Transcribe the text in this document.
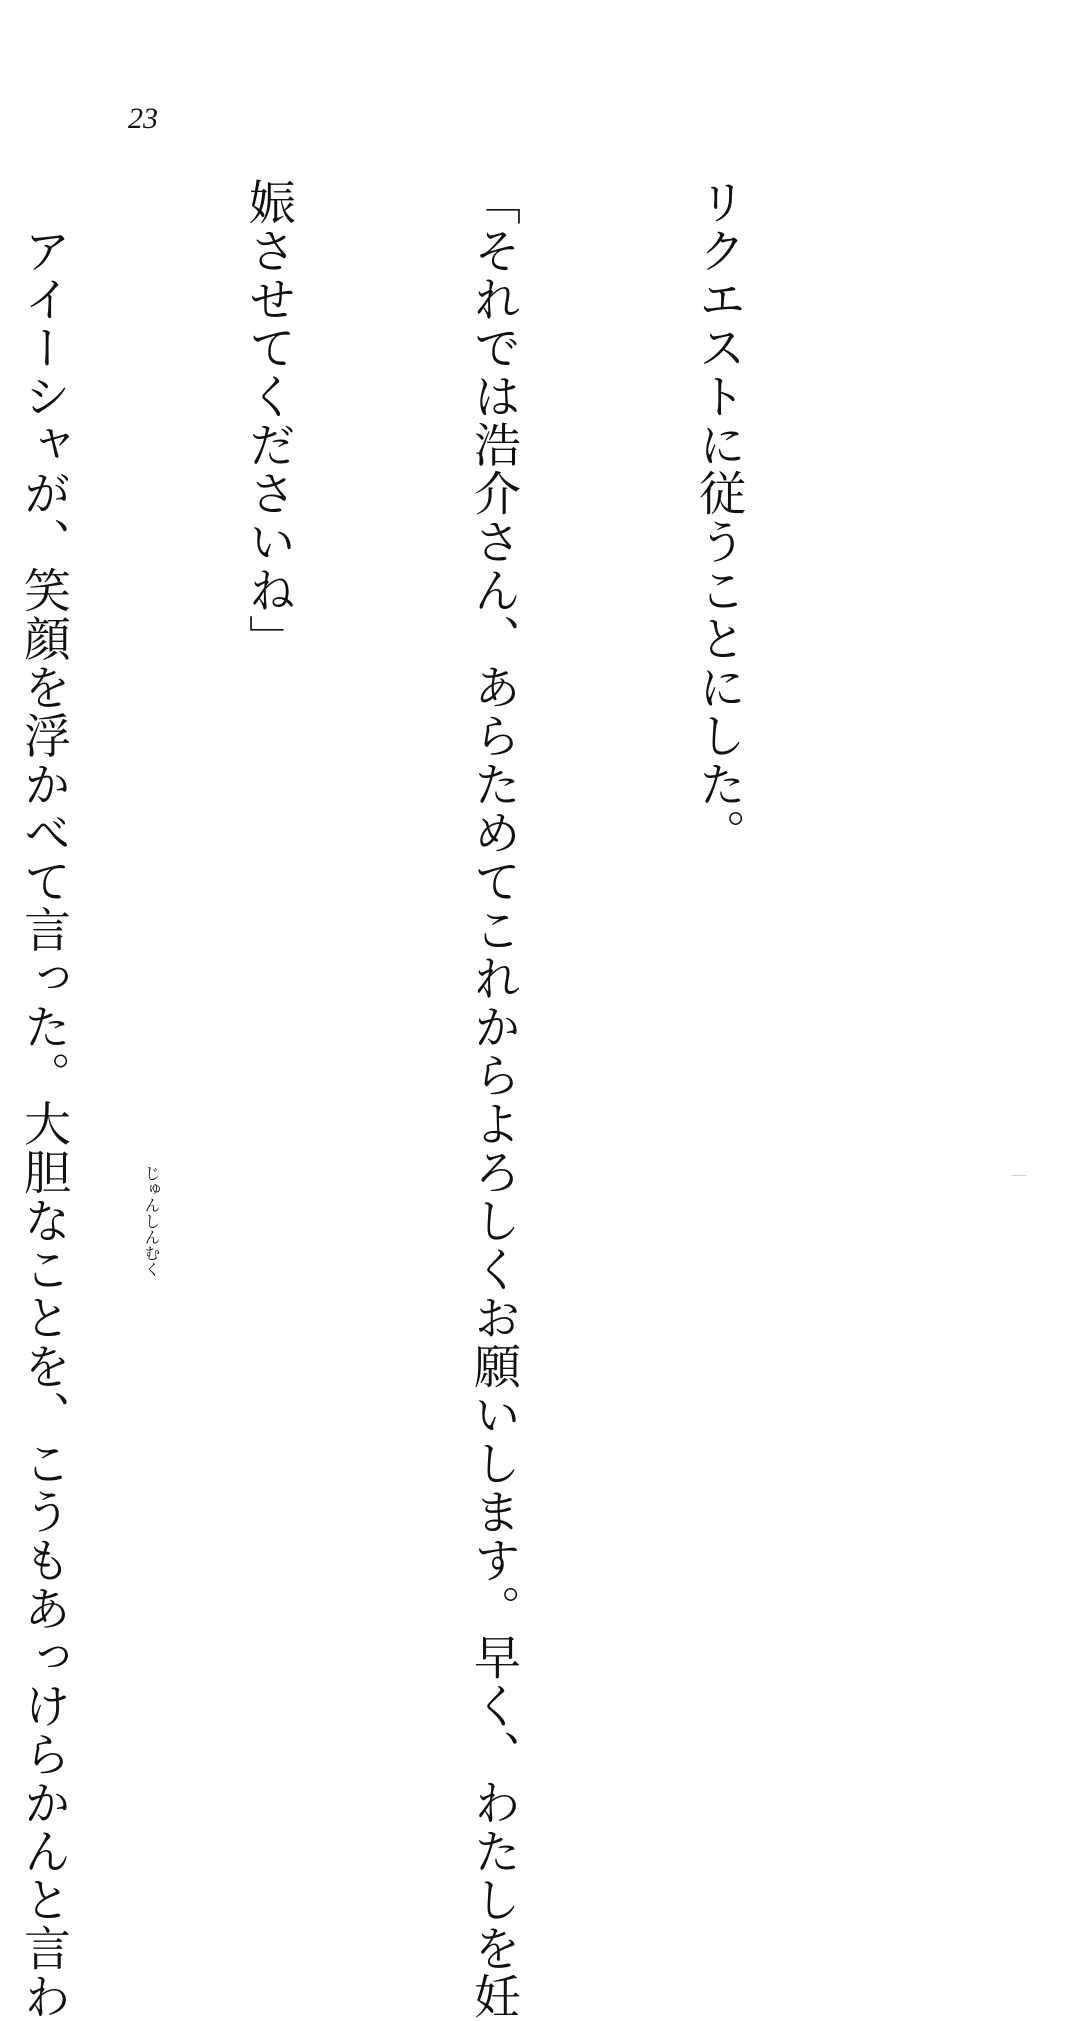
23

リクエストに従うことにした。

「それでは浩介さん、あらためてこれからよろしくお願いします。早く、わたしを妊

娠させてくださいね」

　アイーシャが、笑顔を浮かべて言った。大胆なことを、こうもあっけらかんと言わ

	じゅんしんむく
